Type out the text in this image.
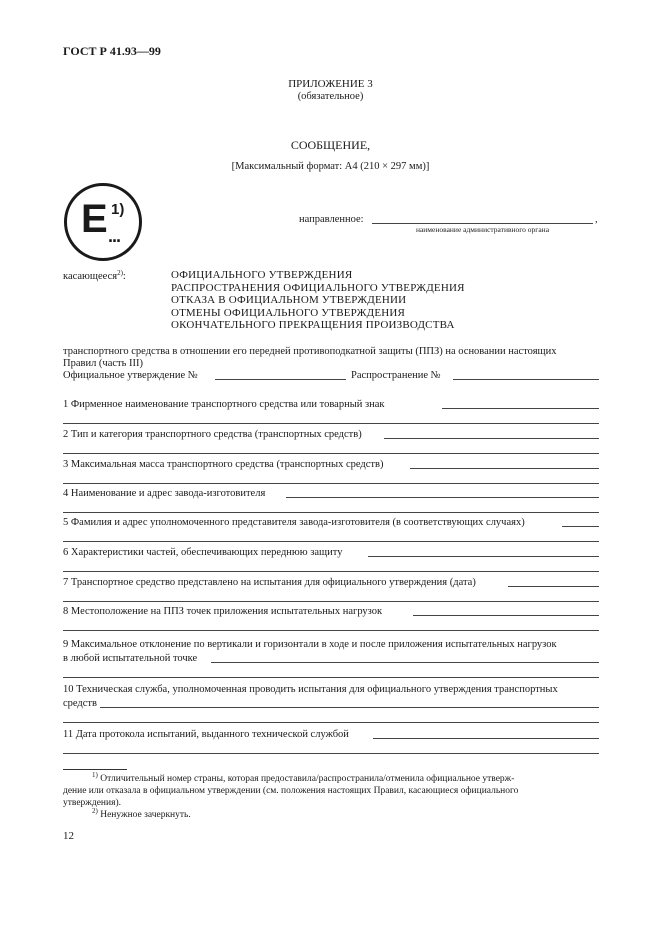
ГОСТ Р 41.93—99
ПРИЛОЖЕНИЕ 3
(обязательное)
СООБЩЕНИЕ,
[Максимальный формат: А4 (210 × 297 мм)]
E 1)
...
направленное:	,
наименование административного органа
касающееся$^{2)}$:	ОФИЦИАЛЬНОГО УТВЕРЖДЕНИЯ
РАСПРОСТРАНЕНИЯ ОФИЦИАЛЬНОГО УТВЕРЖДЕНИЯ
ОТКАЗА В ОФИЦИАЛЬНОМ УТВЕРЖДЕНИИ
ОТМЕНЫ ОФИЦИАЛЬНОГО УТВЕРЖДЕНИЯ
ОКОНЧАТЕЛЬНОГО ПРЕКРАЩЕНИЯ ПРОИЗВОДСТВА
транспортного средства в отношении его передней противоподкатной защиты (ППЗ) на основании настоящих
Правил (часть III)
Официальное утверждение №	Распространение №
1 Фирменное наименование транспортного средства или товарный знак
2 Тип и категория транспортного средства (транспортных средств)
3 Максимальная масса транспортного средства (транспортных средств)
4 Наименование и адрес завода-изготовителя
5 Фамилия и адрес уполномоченного представителя завода-изготовителя (в соответствующих случаях)
6 Характеристики частей, обеспечивающих переднюю защиту
7 Транспортное средство представлено на испытания для официального утверждения (дата)
8 Местоположение на ППЗ точек приложения испытательных нагрузок
9 Максимальное отклонение по вертикали и горизонтали в ходе и после приложения испытательных нагрузок
в любой испытательной точке
10 Техническая служба, уполномоченная проводить испытания для официального утверждения транспортных
средств
11 Дата протокола испытаний, выданного технической службой
$^{1)}$ Отличительный номер страны, которая предоставила/распространила/отменила официальное утверж-
дение или отказала в официальном утверждении (см. положения настоящих Правил, касающиеся официального
утверждения).
$^{2)}$ Ненужное зачеркнуть.
12
